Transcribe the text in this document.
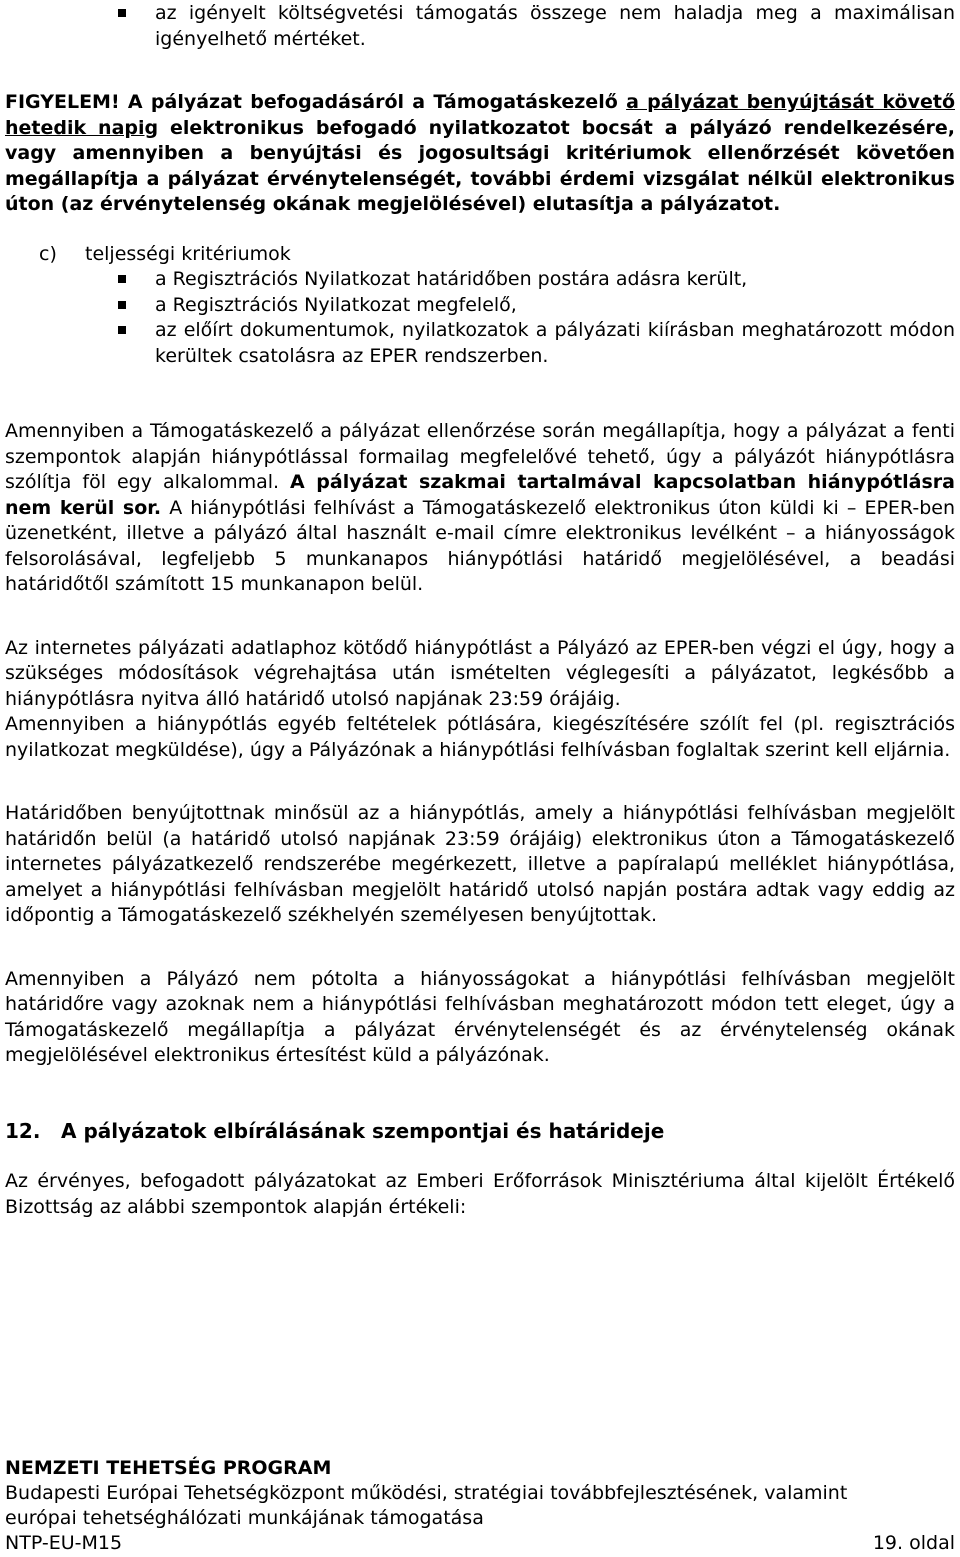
az igényelt költségvetési támogatás összege nem haladja meg a maximálisan igényelhető mértéket.

FIGYELEM! A pályázat befogadásáról a Támogatáskezelő a pályázat benyújtását követő hetedik napig elektronikus befogadó nyilatkozatot bocsát a pályázó rendelkezésére, vagy amennyiben a benyújtási és jogosultsági kritériumok ellenőrzését követően megállapítja a pályázat érvénytelenségét, további érdemi vizsgálat nélkül elektronikus úton (az érvénytelenség okának megjelölésével) elutasítja a pályázatot.

c) teljességi kritériumok

a Regisztrációs Nyilatkozat határidőben postára adásra került,
a Regisztrációs Nyilatkozat megfelelő,
az előírt dokumentumok, nyilatkozatok a pályázati kiírásban meghatározott módon kerültek csatolásra az EPER rendszerben.

Amennyiben a Támogatáskezelő a pályázat ellenőrzése során megállapítja, hogy a pályázat a fenti szempontok alapján hiánypótlással formailag megfelelővé tehető, úgy a pályázót hiánypótlásra szólítja föl egy alkalommal. A pályázat szakmai tartalmával kapcsolatban hiánypótlásra nem kerül sor. A hiánypótlási felhívást a Támogatáskezelő elektronikus úton küldi ki – EPER-ben üzenetként, illetve a pályázó által használt e-mail címre elektronikus levélként – a hiányosságok felsorolásával, legfeljebb 5 munkanapos hiánypótlási határidő megjelölésével, a beadási határidőtől számított 15 munkanapon belül.

Az internetes pályázati adatlaphoz kötődő hiánypótlást a Pályázó az EPER-ben végzi el úgy, hogy a szükséges módosítások végrehajtása után ismételten véglegesíti a pályázatot, legkésőbb a hiánypótlásra nyitva álló határidő utolsó napjának 23:59 órájáig.

Amennyiben a hiánypótlás egyéb feltételek pótlására, kiegészítésére szólít fel (pl. regisztrációs nyilatkozat megküldése), úgy a Pályázónak a hiánypótlási felhívásban foglaltak szerint kell eljárnia.

Határidőben benyújtottnak minősül az a hiánypótlás, amely a hiánypótlási felhívásban megjelölt határidőn belül (a határidő utolsó napjának 23:59 órájáig) elektronikus úton a Támogatáskezelő internetes pályázatkezelő rendszerébe megérkezett, illetve a papíralapú melléklet hiánypótlása, amelyet a hiánypótlási felhívásban megjelölt határidő utolsó napján postára adtak vagy eddig az időpontig a Támogatáskezelő székhelyén személyesen benyújtottak.

Amennyiben a Pályázó nem pótolta a hiányosságokat a hiánypótlási felhívásban megjelölt határidőre vagy azoknak nem a hiánypótlási felhívásban meghatározott módon tett eleget, úgy a Támogatáskezelő megállapítja a pályázat érvénytelenségét és az érvénytelenség okának megjelölésével elektronikus értesítést küld a pályázónak.

12. A pályázatok elbírálásának szempontjai és határideje

Az érvényes, befogadott pályázatokat az Emberi Erőforrások Minisztériuma által kijelölt Értékelő Bizottság az alábbi szempontok alapján értékeli:

NEMZETI TEHETSÉG PROGRAM
Budapesti Európai Tehetségközpont működési, stratégiai továbbfejlesztésének, valamint
európai tehetséghálózati munkájának támogatása
NTP-EU-M15	19. oldal
